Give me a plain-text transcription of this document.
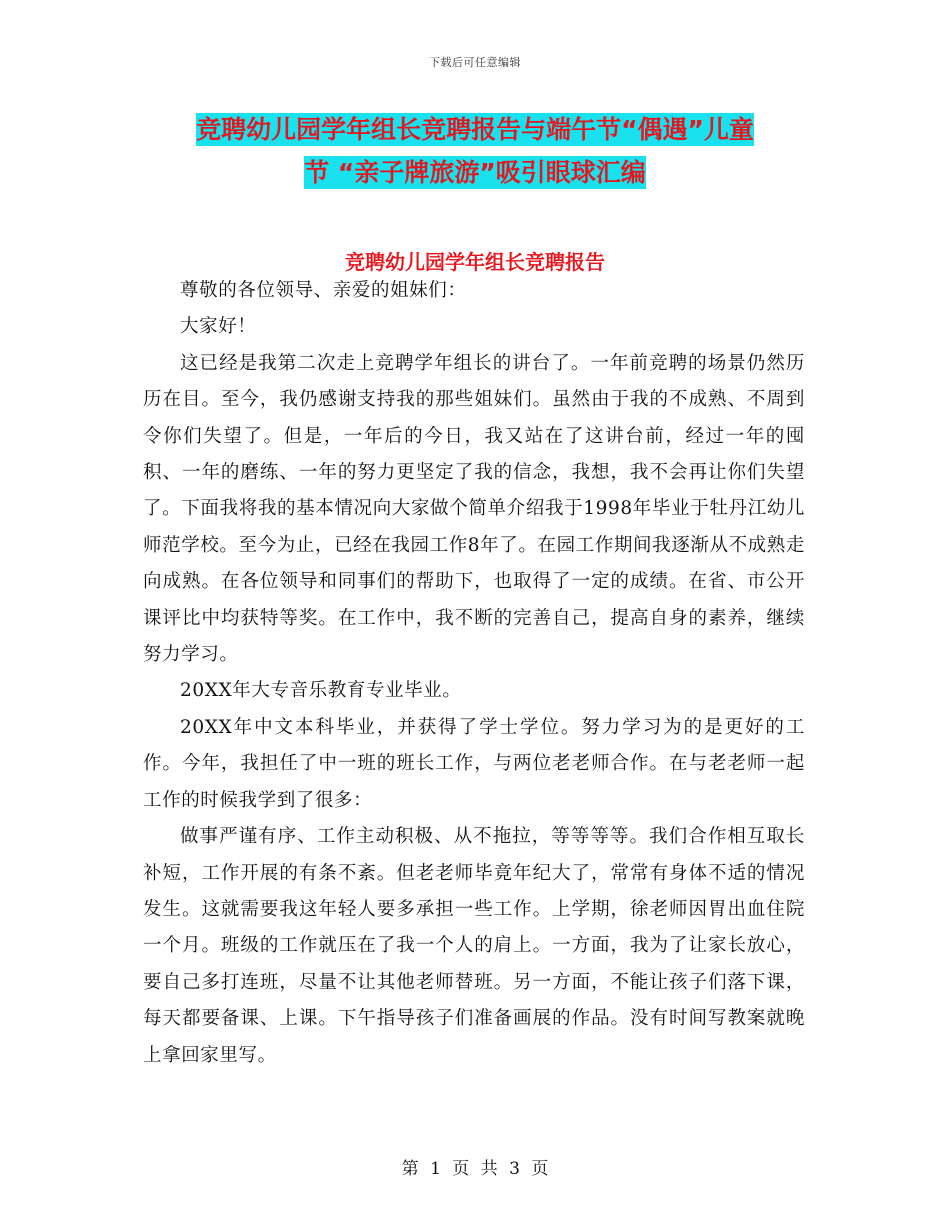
下载后可任意编辑
竞聘幼儿园学年组长竞聘报告与端午节“偶遇”儿童
节 “亲子牌旅游”吸引眼球汇编
竞聘幼儿园学年组长竞聘报告

尊敬的各位领导、亲爱的姐妹们：

大家好！

这已经是我第二次走上竞聘学年组长的讲台了。一年前竞聘的场景仍然历历在目。至今，我仍感谢支持我的那些姐妹们。虽然由于我的不成熟、不周到令你们失望了。但是，一年后的今日，我又站在了这讲台前，经过一年的囤积、一年的磨练、一年的努力更坚定了我的信念，我想，我不会再让你们失望了。下面我将我的基本情况向大家做个简单介绍我于1998年毕业于牡丹江幼儿师范学校。至今为止，已经在我园工作8年了。在园工作期间我逐渐从不成熟走向成熟。在各位领导和同事们的帮助下，也取得了一定的成绩。在省、市公开课评比中均获特等奖。在工作中，我不断的完善自己，提高自身的素养，继续努力学习。

20XX年大专音乐教育专业毕业。

20XX年中文本科毕业，并获得了学士学位。努力学习为的是更好的工作。今年，我担任了中一班的班长工作，与两位老老师合作。在与老老师一起工作的时候我学到了很多：

做事严谨有序、工作主动积极、从不拖拉，等等等等。我们合作相互取长补短，工作开展的有条不紊。但老老师毕竟年纪大了，常常有身体不适的情况发生。这就需要我这年轻人要多承担一些工作。上学期，徐老师因胃出血住院一个月。班级的工作就压在了我一个人的肩上。一方面，我为了让家长放心，要自己多打连班，尽量不让其他老师替班。另一方面，不能让孩子们落下课，每天都要备课、上课。下午指导孩子们准备画展的作品。没有时间写教案就晚上拿回家里写。

第 1 页 共 3 页
